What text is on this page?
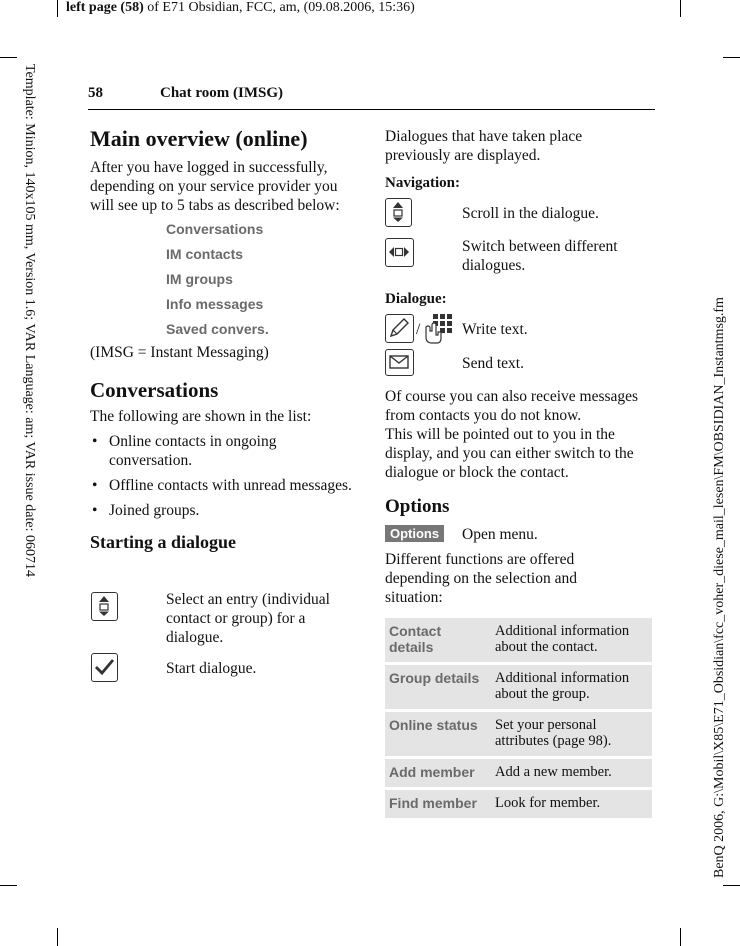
left page (58) of E71 Obsidian, FCC, am, (09.08.2006, 15:36)
Template: Minion, 140x105 mm, Version 1.6; VAR Language: am; VAR issue date: 060714	BenQ 2006, G:\Mobil\X85\E71_Obsidian\fcc_voher_diese_mail_lesen\FM\OBSIDIAN_Instantmsg.fm
58	Chat room (IMSG)
Main overview (online)

After you have logged in successfully, depending on your service provider you will see up to 5 tabs as described below:

Conversations
IM contacts
IM groups
Info messages
Saved convers.

(IMSG = Instant Messaging)

Conversations

The following are shown in the list:

• Online contacts in ongoing conversation.
• Offline contacts with unread messages.
• Joined groups.
Starting a dialogue
Select an entry (individual contact or group) for a dialogue.
Start dialogue.

Dialogues that have taken place previously are displayed.

Navigation:
Scroll in the dialogue.
Switch between different dialogues.
Dialogue:
/	Write text.
Send text.

Of course you can also receive messages from contacts you do not know.

This will be pointed out to you in the display, and you can either switch to the dialogue or block the contact.

Options
Options	Open menu.

Different functions are offered depending on the selection and situation:

Contact details	Additional information about the contact.
Group details	Additional information about the group.
Online status	Set your personal attributes (page 98).
Add member	Add a new member.
Find member	Look for member.
